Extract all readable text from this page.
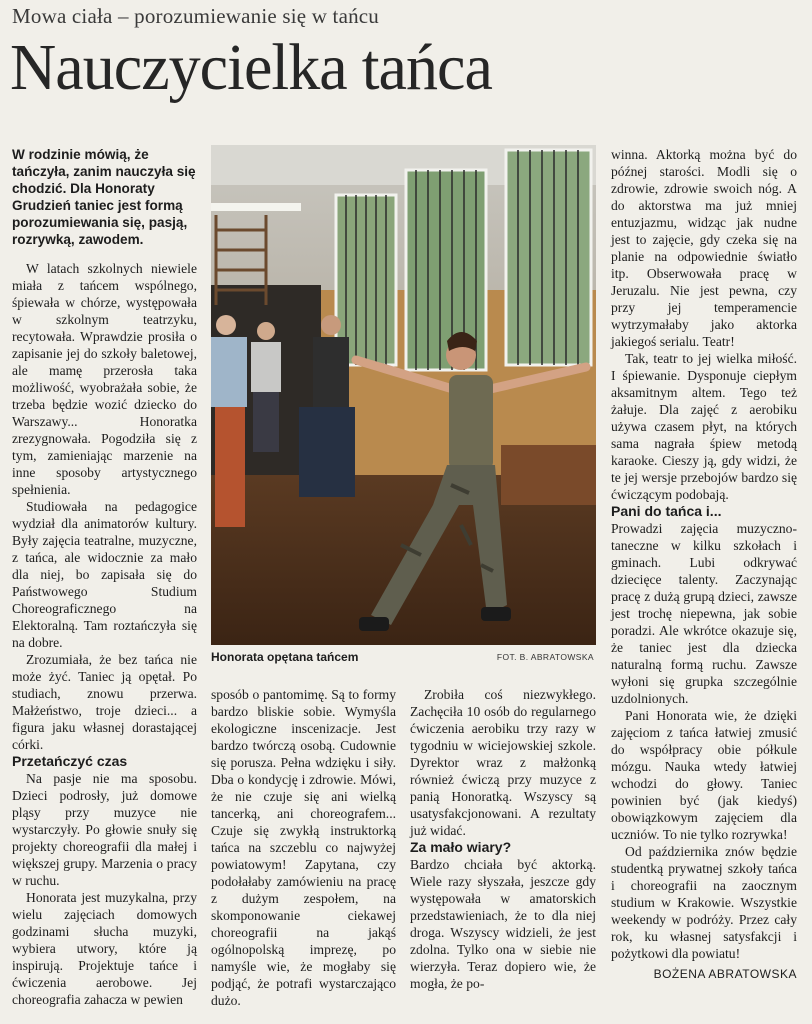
Mowa ciała – porozumiewanie się w tańcu
Nauczycielka tańca
W rodzinie mówią, że tańczyła, zanim nauczyła się chodzić. Dla Honoraty Grudzień taniec jest formą porozumiewania się, pasją, rozrywką, zawodem.

W latach szkolnych niewiele miała z tańcem wspólnego, śpiewała w chórze, występowała w szkolnym teatrzyku, recytowała. Wprawdzie prosiła o zapisanie jej do szkoły baletowej, ale mamę przerosła taka możliwość, wyobrażała sobie, że trzeba będzie wozić dziecko do Warszawy... Honoratka zrezygnowała. Pogodziła się z tym, zamieniając marzenie na inne sposoby artystycznego spełnienia.

Studiowała na pedagogice wydział dla animatorów kultury. Były zajęcia teatralne, muzyczne, z tańca, ale widocznie za mało dla niej, bo zapisała się do Państwowego Studium Choreograficznego na Elektoralną. Tam roztańczyła się na dobre.

Zrozumiała, że bez tańca nie może żyć. Taniec ją opętał. Po studiach, znowu przerwa. Małżeństwo, troje dzieci... a figura jaku własnej dorastającej córki.

Przetańczyć czas

Na pasje nie ma sposobu. Dzieci podrosły, już domowe pląsy przy muzyce nie wystarczyły. Po głowie snuły się projekty choreografii dla małej i większej grupy. Marzenia o pracy w ruchu.

Honorata jest muzykalna, przy wielu zajęciach domowych godzinami słucha muzyki, wybiera utwory, które ją inspirują. Projektuje tańce i ćwiczenia aerobowe. Jej choreografia zahacza w pewien

Honorata opętana tańcem	FOT. B. ABRATOWSKA

sposób o pantomimę. Są to formy bardzo bliskie sobie. Wymyśla ekologiczne inscenizacje. Jest bardzo twórczą osobą. Cudownie się porusza. Pełna wdzięku i siły. Dba o kondycję i zdrowie. Mówi, że nie czuje się ani wielką tancerką, ani choreografem... Czuje się zwykłą instruktorką tańca na szczeblu co najwyżej powiatowym! Zapytana, czy podołałaby zamówieniu na pracę z dużym zespołem, na skomponowanie ciekawej choreografii na jakąś ogólnopolską imprezę, po namyśle wie, że mogłaby się podjąć, że potrafi wystarczająco dużo.

Zrobiła coś niezwykłego. Zachęciła 10 osób do regularnego ćwiczenia aerobiku trzy razy w tygodniu w wiciejowskiej szkole. Dyrektor wraz z małżonką również ćwiczą przy muzyce z panią Honoratką. Wszyscy są usatysfakcjonowani. A rezultaty już widać.

Za mało wiary?

Bardzo chciała być aktorką. Wiele razy słyszała, jeszcze gdy występowała w amatorskich przedstawieniach, że to dla niej droga. Wszyscy widzieli, że jest zdolna. Tylko ona w siebie nie wierzyła. Teraz dopiero wie, że mogła, że po-

winna. Aktorką można być do późnej starości. Modli się o zdrowie, zdrowie swoich nóg. A do aktorstwa ma już mniej entuzjazmu, widząc jak nudne jest to zajęcie, gdy czeka się na planie na odpowiednie światło itp. Obserwowała pracę w Jeruzalu. Nie jest pewna, czy przy jej temperamencie wytrzymałaby jako aktorka jakiegoś serialu. Teatr!

Tak, teatr to jej wielka miłość. I śpiewanie. Dysponuje ciepłym aksamitnym altem. Tego też żałuje. Dla zajęć z aerobiku używa czasem płyt, na których sama nagrała śpiew metodą karaoke. Cieszy ją, gdy widzi, że te jej wersje przebojów bardzo się ćwiczącym podobają.

Pani do tańca i...

Prowadzi zajęcia muzyczno-taneczne w kilku szkołach i gminach. Lubi odkrywać dziecięce talenty. Zaczynając pracę z dużą grupą dzieci, zawsze jest trochę niepewna, jak sobie poradzi. Ale wkrótce okazuje się, że taniec jest dla dziecka naturalną formą ruchu. Zawsze wyłoni się grupka szczególnie uzdolnionych.

Pani Honorata wie, że dzięki zajęciom z tańca łatwiej zmusić do współpracy obie półkule mózgu. Nauka wtedy łatwiej wchodzi do głowy. Taniec powinien być (jak kiedyś) obowiązkowym zajęciem dla uczniów. To nie tylko rozrywka!

Od października znów będzie studentką prywatnej szkoły tańca i choreografii na zaocznym studium w Krakowie. Wszystkie weekendy w podróży. Przez cały rok, ku własnej satysfakcji i pożytkowi dla powiatu!

BOŻENA ABRATOWSKA
